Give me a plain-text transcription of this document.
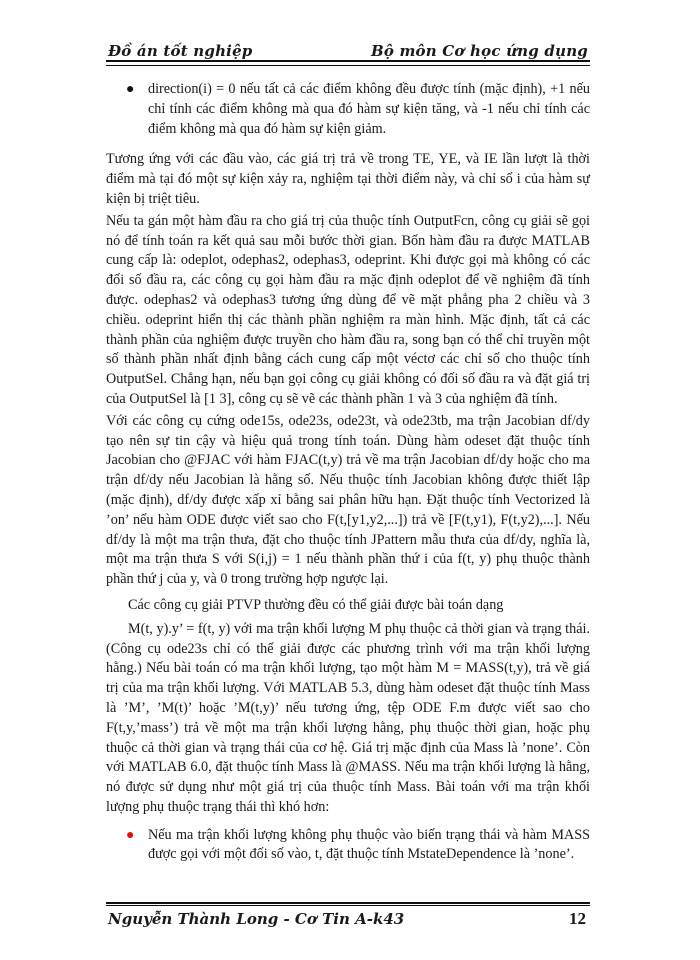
Đồ án tốt nghiệp	Bộ môn Cơ học ứng dụng
● direction(i) = 0 nếu tất cả các điểm không đều được tính (mặc định), +1 nếu chỉ tính các điểm không mà qua đó hàm sự kiện tăng, và -1 nếu chỉ tính các điểm không mà qua đó hàm sự kiện giảm.

Tương ứng với các đầu vào, các giá trị trả về trong TE, YE, và IE lần lượt là thời điểm mà tại đó một sự kiện xảy ra, nghiệm tại thời điểm này, và chỉ số i của hàm sự kiện bị triệt tiêu.

Nếu ta gán một hàm đầu ra cho giá trị của thuộc tính OutputFcn, công cụ giải sẽ gọi nó để tính toán ra kết quả sau mỗi bước thời gian. Bốn hàm đầu ra được MATLAB cung cấp là: odeplot, odephas2, odephas3, odeprint. Khi được gọi mà không có các đối số đầu ra, các công cụ gọi hàm đầu ra mặc định odeplot để vẽ nghiệm đã tính được. odephas2 và odephas3 tương ứng dùng để vẽ mặt phẳng pha 2 chiều và 3 chiều. odeprint hiển thị các thành phần nghiệm ra màn hình. Mặc định, tất cả các thành phần của nghiệm được truyền cho hàm đầu ra, song bạn có thể chỉ truyền một số thành phần nhất định bằng cách cung cấp một véctơ các chỉ số cho thuộc tính OutputSel. Chẳng hạn, nếu bạn gọi công cụ giải không có đối số đầu ra và đặt giá trị của OutputSel là [1 3], công cụ sẽ vẽ các thành phần 1 và 3 của nghiệm đã tính.

Với các công cụ cứng ode15s, ode23s, ode23t, và ode23tb, ma trận Jacobian df/dy tạo nên sự tin cậy và hiệu quả trong tính toán. Dùng hàm odeset đặt thuộc tính Jacobian cho @FJAC với hàm FJAC(t,y) trả về ma trận Jacobian df/dy hoặc cho ma trận df/dy nếu Jacobian là hằng số. Nếu thuộc tính Jacobian không được thiết lập (mặc định), df/dy được xấp xỉ bằng sai phân hữu hạn. Đặt thuộc tính Vectorized là ’on’ nếu hàm ODE được viết sao cho F(t,[y1,y2,...]) trả về [F(t,y1), F(t,y2),...]. Nếu df/dy là một ma trận thưa, đặt cho thuộc tính JPattern mẫu thưa của df/dy, nghĩa là, một ma trận thưa S với S(i,j) = 1 nếu thành phần thứ i của f(t, y) phụ thuộc thành phần thứ j của y, và 0 trong trường hợp ngược lại.

Các công cụ giải PTVP thường đều có thể giải được bài toán dạng

M(t, y).y’ = f(t, y) với ma trận khối lượng M phụ thuộc cả thời gian và trạng thái. (Công cụ ode23s chỉ có thể giải được các phương trình với ma trận khối lượng hằng.) Nếu bài toán có ma trận khối lượng, tạo một hàm M = MASS(t,y), trả về giá trị của ma trận khối lượng. Với MATLAB 5.3, dùng hàm odeset đặt thuộc tính Mass là ’M’, ’M(t)’ hoặc ’M(t,y)’ nếu tương ứng, tệp ODE F.m được viết sao cho F(t,y,’mass’) trả về một ma trận khối lượng hằng, phụ thuộc thời gian, hoặc phụ thuộc cả thời gian và trạng thái của cơ hệ. Giá trị mặc định của Mass là ’none’. Còn với MATLAB 6.0, đặt thuộc tính Mass là @MASS. Nếu ma trận khối lượng là hằng, nó được sử dụng như một giá trị của thuộc tính Mass. Bài toán với ma trận khối lượng phụ thuộc trạng thái thì khó hơn:

● Nếu ma trận khối lượng không phụ thuộc vào biến trạng thái và hàm MASS được gọi với một đối số vào, t, đặt thuộc tính MstateDependence là ’none’.
Nguyễn Thành Long - Cơ Tin A-k43	12
